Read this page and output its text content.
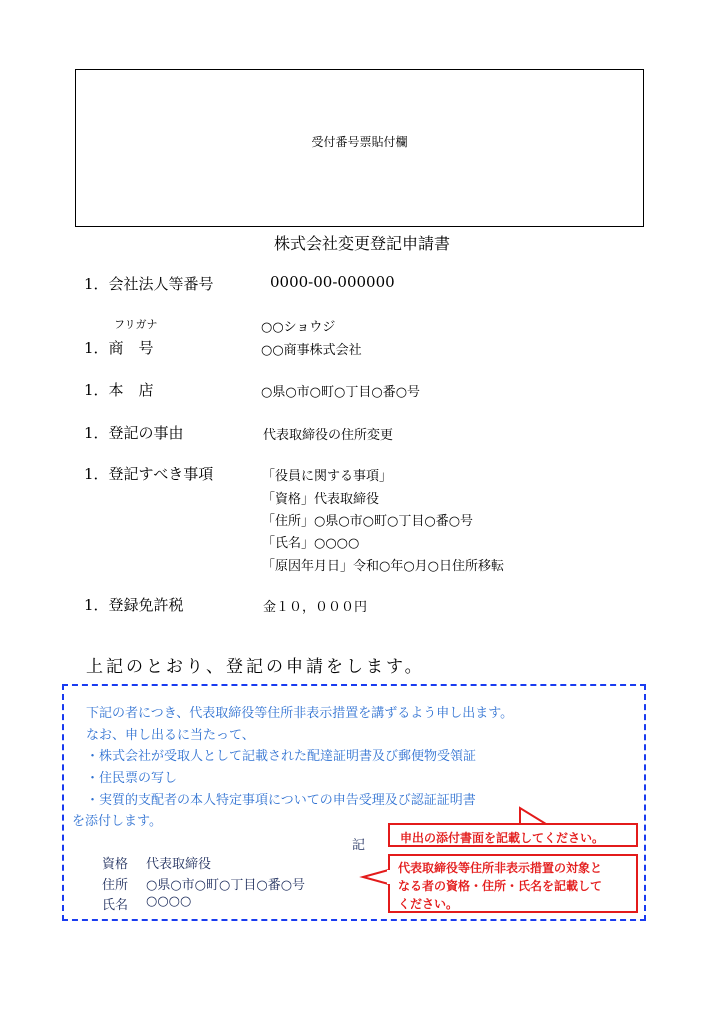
受付番号票貼付欄
株式会社変更登記申請書
1．会社法人等番号	0000-00-000000
フリガナ	○○ショウジ
1．商　号	○○商事株式会社
1．本　店	○県○市○町○丁目○番○号
1．登記の事由	代表取締役の住所変更
1．登記すべき事項	「役員に関する事項」
「資格」代表取締役
「住所」○県○市○町○丁目○番○号
「氏名」○○○○
「原因年月日」令和○年○月○日住所移転
1．登録免許税	金１０，０００円
上記のとおり、登記の申請をします。
下記の者につき、代表取締役等住所非表示措置を講ずるよう申し出ます。
なお、申し出るに当たって、
・株式会社が受取人として記載された配達証明書及び郵便物受領証
・住民票の写し
・実質的支配者の本人特定事項についての申告受理及び認証証明書
を添付します。
記
資格 代表取締役
住所 ○県○市○町○丁目○番○号
氏名 ○○○○
申出の添付書面を記載してください。
代表取締役等住所非表示措置の対象と
なる者の資格・住所・氏名を記載して
ください。
